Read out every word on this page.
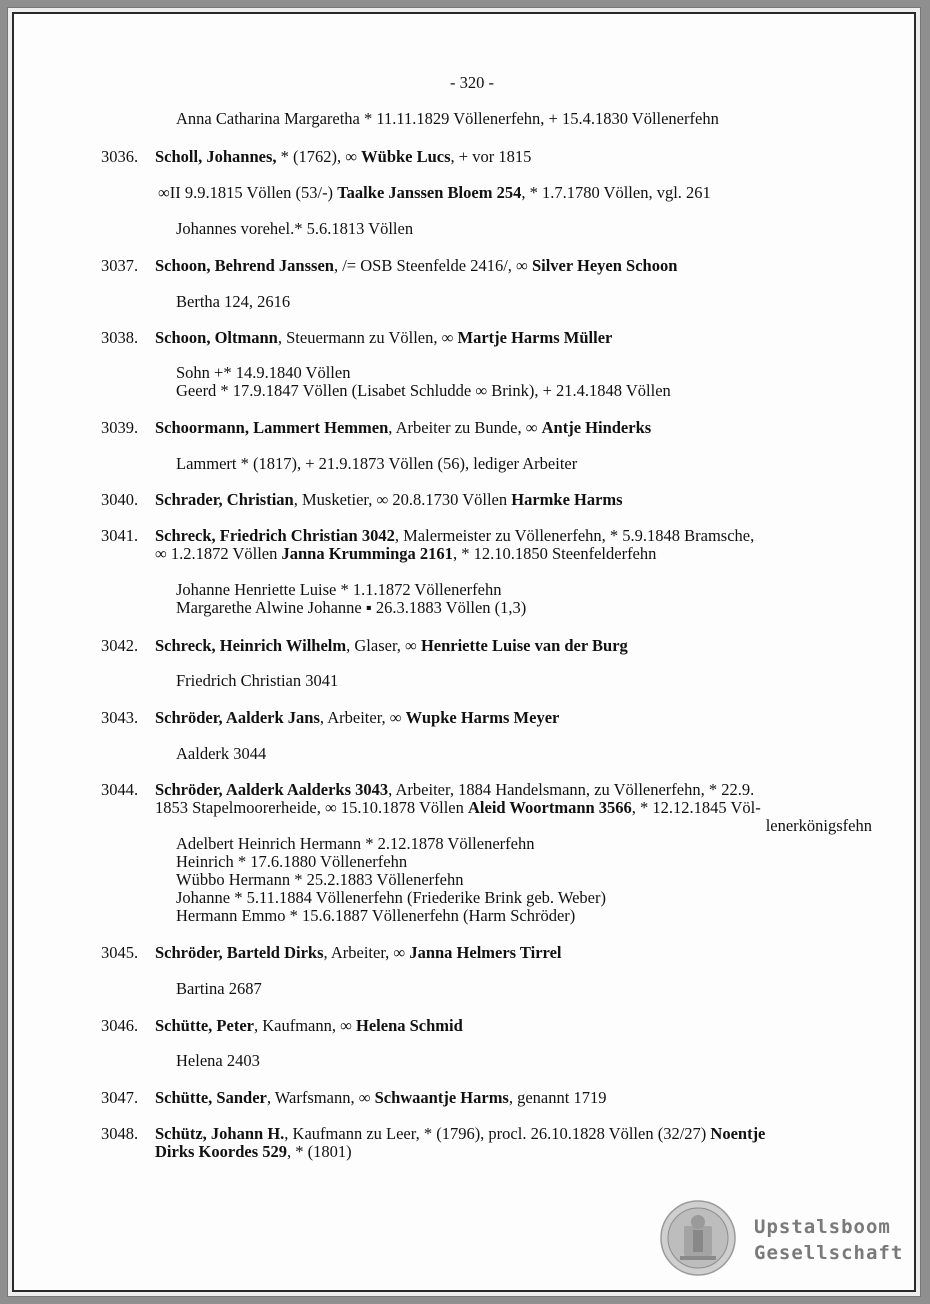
- 320 -
Anna Catharina Margaretha * 11.11.1829 Völlenerfehn, + 15.4.1830 Völlenerfehn
3036. Scholl, Johannes, * (1762), ∞ Wübke Lucs, + vor 1815
∞II 9.9.1815 Völlen (53/-) Taalke Janssen Bloem 254, * 1.7.1780 Völlen, vgl. 261
Johannes vorehel.* 5.6.1813 Völlen
3037. Schoon, Behrend Janssen, /= OSB Steenfelde 2416/, ∞ Silver Heyen Schoon
Bertha 124, 2616
3038. Schoon, Oltmann, Steuermann zu Völlen, ∞ Martje Harms Müller
Sohn +* 14.9.1840 Völlen
Geerd * 17.9.1847 Völlen (Lisabet Schludde ∞ Brink), + 21.4.1848 Völlen
3039. Schoormann, Lammert Hemmen, Arbeiter zu Bunde, ∞ Antje Hinderks
Lammert * (1817), + 21.9.1873 Völlen (56), lediger Arbeiter
3040. Schrader, Christian, Musketier, ∞ 20.8.1730 Völlen Harmke Harms
3041. Schreck, Friedrich Christian 3042, Malermeister zu Völlenerfehn, * 5.9.1848 Bramsche,
∞ 1.2.1872 Völlen Janna Krumminga 2161, * 12.10.1850 Steenfelderfehn
Johanne Henriette Luise * 1.1.1872 Völlenerfehn
Margarethe Alwine Johanne ▪ 26.3.1883 Völlen (1,3)
3042. Schreck, Heinrich Wilhelm, Glaser, ∞ Henriette Luise van der Burg
Friedrich Christian 3041
3043. Schröder, Aalderk Jans, Arbeiter, ∞ Wupke Harms Meyer
Aalderk 3044
3044. Schröder, Aalderk Aalderks 3043, Arbeiter, 1884 Handelsmann, zu Völlenerfehn, * 22.9.
1853 Stapelmoorerheide, ∞ 15.10.1878 Völlen Aleid Woortmann 3566, * 12.12.1845 Völ-
lenerkönigsfehn
Adelbert Heinrich Hermann * 2.12.1878 Völlenerfehn
Heinrich * 17.6.1880 Völlenerfehn
Wübbo Hermann * 25.2.1883 Völlenerfehn
Johanne * 5.11.1884 Völlenerfehn (Friederike Brink geb. Weber)
Hermann Emmo * 15.6.1887 Völlenerfehn (Harm Schröder)
3045. Schröder, Barteld Dirks, Arbeiter, ∞ Janna Helmers Tirrel
Bartina 2687
3046. Schütte, Peter, Kaufmann, ∞ Helena Schmid
Helena 2403
3047. Schütte, Sander, Warfsmann, ∞ Schwaantje Harms, genannt 1719
3048. Schütz, Johann H., Kaufmann zu Leer, * (1796), procl. 26.10.1828 Völlen (32/27) Noentje
Dirks Koordes 529, * (1801)
Upstalsboom
Gesellschaft
